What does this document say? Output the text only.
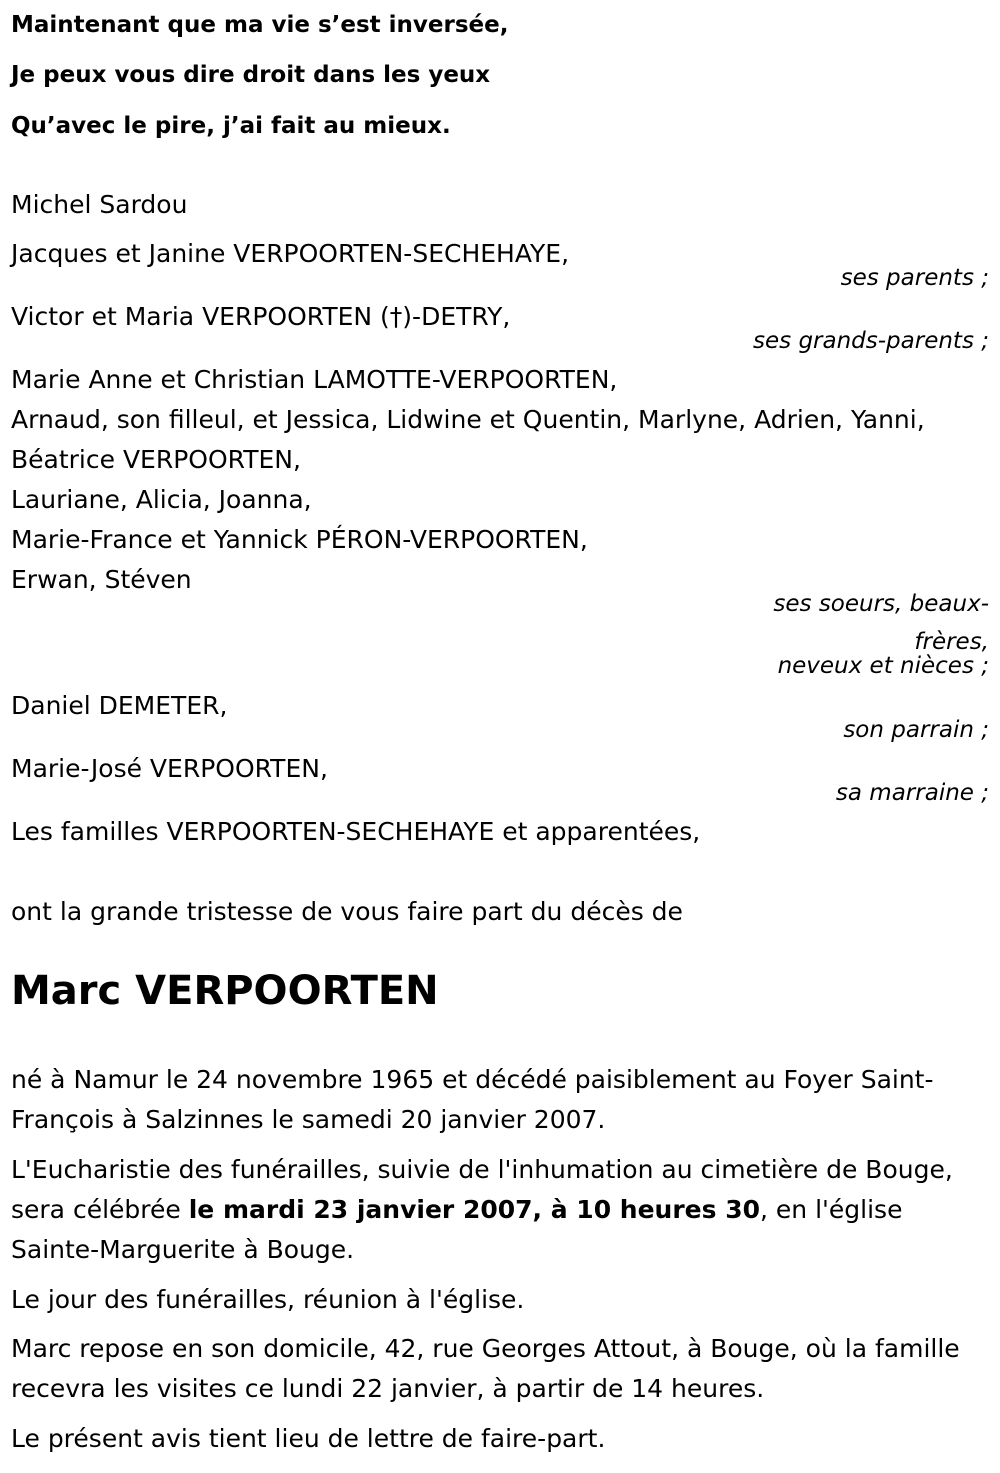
Maintenant que ma vie s’est inversée,
Je peux vous dire droit dans les yeux
Qu’avec le pire, j’ai fait au mieux.
Michel Sardou
Jacques et Janine VERPOORTEN-SECHEHAYE,
ses parents ;
Victor et Maria VERPOORTEN (†)-DETRY,
ses grands-parents ;
Marie Anne et Christian LAMOTTE-VERPOORTEN,
Arnaud, son filleul, et Jessica, Lidwine et Quentin, Marlyne, Adrien, Yanni,
Béatrice VERPOORTEN,
Lauriane, Alicia, Joanna,
Marie-France et Yannick PÉRON-VERPOORTEN,
Erwan, Stéven
ses soeurs, beaux-
frères,
neveux et nièces ;
Daniel DEMETER,
son parrain ;
Marie-José VERPOORTEN,
sa marraine ;
Les familles VERPOORTEN-SECHEHAYE et apparentées,
ont la grande tristesse de vous faire part du décès de
Marc VERPOORTEN
né à Namur le 24 novembre 1965 et décédé paisiblement au Foyer Saint-François à Salzinnes le samedi 20 janvier 2007.
L'Eucharistie des funérailles, suivie de l'inhumation au cimetière de Bouge, sera célébrée le mardi 23 janvier 2007, à 10 heures 30, en l'église Sainte-Marguerite à Bouge.
Le jour des funérailles, réunion à l'église.
Marc repose en son domicile, 42, rue Georges Attout, à Bouge, où la famille recevra les visites ce lundi 22 janvier, à partir de 14 heures.
Le présent avis tient lieu de lettre de faire-part.
